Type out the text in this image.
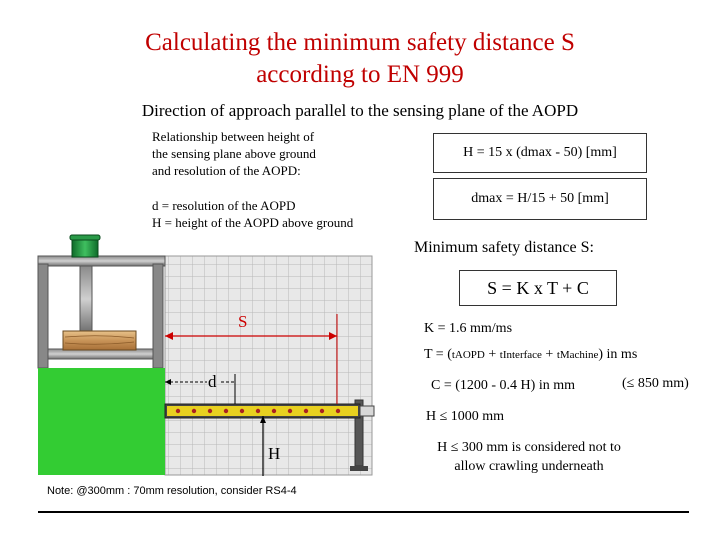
Calculating the minimum safety distance S
according to EN 999
Direction of approach parallel to the sensing plane of the AOPD
Relationship between height of
the sensing plane above ground
and resolution of the AOPD:
d = resolution of the AOPD
H = height of the AOPD above ground
H = 15 x (dmax - 50) [mm]
dmax = H/15 + 50 [mm]
Minimum safety distance S:
S = K x T + C
K = 1.6 mm/ms
T = (tAOPD + tInterface + tMachine) in ms
C = (1200 - 0.4 H) in mm	(≤ 850 mm)
H ≤ 1000 mm
H ≤ 300 mm is considered not to
allow crawling underneath
S
d
H
Note: @300mm : 70mm resolution, consider RS4-4
